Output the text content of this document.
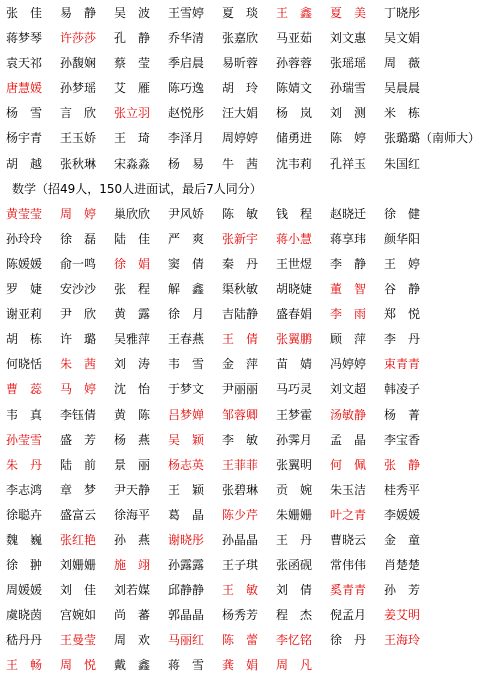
张　佳	易　静	吴　波	王雪婷	夏　琰	王　鑫	夏　美	丁晓彤
蒋梦琴	许莎莎	孔　静	乔华清	张嘉欣	马亚茹	刘文惠	吴文娟
袁天祁	孙馥娴	蔡　莹	季启晨	易昕蓉	孙蓉蓉	张瑶瑶	周　薇
唐慧媛	孙梦瑶	艾　雁	陈巧逸	胡　玲	陈婧文	孙瑞雪	吴晨晨
杨　雪	言　欣	张立羽	赵悦彤	汪大娟	杨　岚	刘　测	米　栋
杨宇青	王玉娇	王　琦	李泽月	周婷婷	储勇进	陈　婷	张璐璐（南师大）
胡　越	张秋琳	宋淼淼	杨　易	牛　茜	沈韦莉	孔祥玉	朱国红
数学（招49人，150人进面试，最后7人同分）
黄莹莹	周　婷	巢欣欣	尹风娇	陈　敏	钱　程	赵晓迁	徐　健
孙玲玲	徐　磊	陆　佳	严　爽	张新宇	蒋小慧	蒋享玮	颜华阳
陈媛媛	俞一鸣	徐　娟	窦　倩	秦　丹	王世煜	李　静	王　婷
罗　婕	安沙沙	张　程	解　鑫	渠秋敏	胡晓婕	董　智	谷　静
谢亚莉	尹　欣	黄　露	徐　月	吉陆静	盛春娟	李　雨	郑　悦
胡　栋	许　璐	吴雅萍	王春燕	王　倩	张翼鹏	顾　萍	李　丹
何晓恬	朱　茜	刘　涛	韦　雪	金　萍	苗　婧	冯婷婷	束青青
曹　蕊	马　婷	沈　怡	于梦文	尹丽丽	马巧灵	刘文超	韩凌子
韦　真	李钰倩	黄　陈	吕梦婵	邹蓉卿	王梦霍	汤敏静	杨　菁
孙莹雪	盛　芳	杨　燕	吴　颖	李　敏	孙霁月	孟　晶	李宝香
朱　丹	陆　前	景　丽	杨志英	王菲菲	张翼明	何　佩	张　静
李志鸿	章　梦	尹天静	王　颖	张碧琳	贡　婉	朱玉洁	桂秀平
徐聪卉	盛富云	徐海平	葛　晶	陈少芹	朱姗姗	叶之青	李媛媛
魏　巍	张红艳	孙　燕	谢晓彤	孙晶晶	王　丹	曹晓云	金　童
徐　翀	刘姗姗	施　翊	孙露露	王子琪	张函砚	常伟伟	肖楚楚
周媛媛	刘　佳	刘若媒	邱静静	王　敏	刘　倩	奚青青	孙　芳
虞晓茵	宫婉如	尚　蕃	郭晶晶	杨秀芳	程　杰	倪孟月	姜艾明
嵇丹丹	王曼莹	周　欢	马丽红	陈　蕾	李忆铭	徐　丹	王海玲
王　畅	周　悦	戴　鑫	蒋　雪	龚　娟	周　凡
